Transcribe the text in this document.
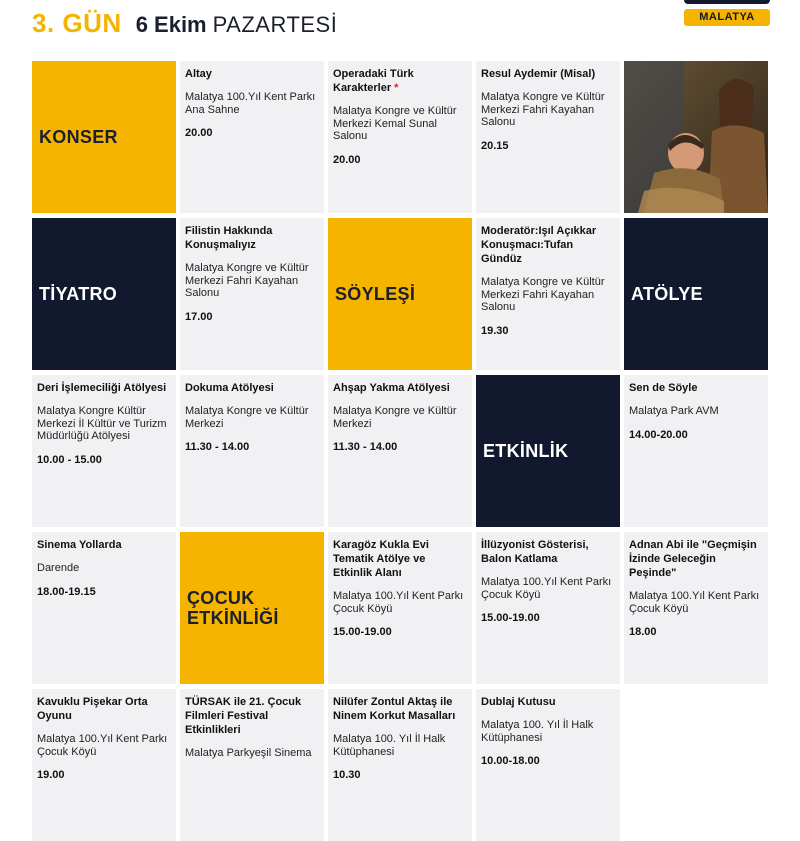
3. GÜN 6 Ekim PAZARTESİ	MALATYA
KONSER
Altay
Malatya 100.Yıl Kent Parkı Ana Sahne
20.00
Operadaki Türk Karakterler *
Malatya Kongre ve Kültür Merkezi Kemal Sunal Salonu
20.00
Resul Aydemir (Misal)
Malatya Kongre ve Kültür Merkezi Fahri Kayahan Salonu
20.15
TİYATRO
Filistin Hakkında Konuşmalıyız
Malatya Kongre ve Kültür Merkezi Fahri Kayahan Salonu
17.00
SÖYLEŞİ
Moderatör:Işıl Açıkkar Konuşmacı:Tufan Gündüz
Malatya Kongre ve Kültür Merkezi Fahri Kayahan Salonu
19.30
ATÖLYE
Deri İşlemeciliği Atölyesi
Malatya Kongre Kültür Merkezi İl Kültür ve Turizm Müdürlüğü Atölyesi
10.00 - 15.00
Dokuma Atölyesi
Malatya Kongre ve Kültür Merkezi
11.30 - 14.00
Ahşap Yakma Atölyesi
Malatya Kongre ve Kültür Merkezi
11.30 - 14.00	ETKİNLİK
Sen de Söyle
Malatya Park AVM
14.00-20.00
Sinema Yollarda
Darende
18.00-19.15	ÇOCUK ETKİNLİĞİ
Karagöz Kukla Evi Tematik Atölye ve Etkinlik Alanı
Malatya 100.Yıl Kent Parkı Çocuk Köyü
15.00-19.00
İllüzyonist Gösterisi, Balon Katlama
Malatya 100.Yıl Kent Parkı Çocuk Köyü
15.00-19.00
Adnan Abi ile "Geçmişin İzinde Geleceğin Peşinde"
Malatya 100.Yıl Kent Parkı Çocuk Köyü
18.00
Kavuklu Pişekar Orta Oyunu
Malatya 100.Yıl Kent Parkı Çocuk Köyü
19.00
TÜRSAK ile 21. Çocuk Filmleri Festival Etkinlikleri
Malatya Parkyeşil Sinema
Nilüfer Zontul Aktaş ile Ninem Korkut Masalları
Malatya 100. Yıl İl Halk Kütüphanesi
10.30
Dublaj Kutusu
Malatya 100. Yıl İl Halk Kütüphanesi
10.00-18.00
